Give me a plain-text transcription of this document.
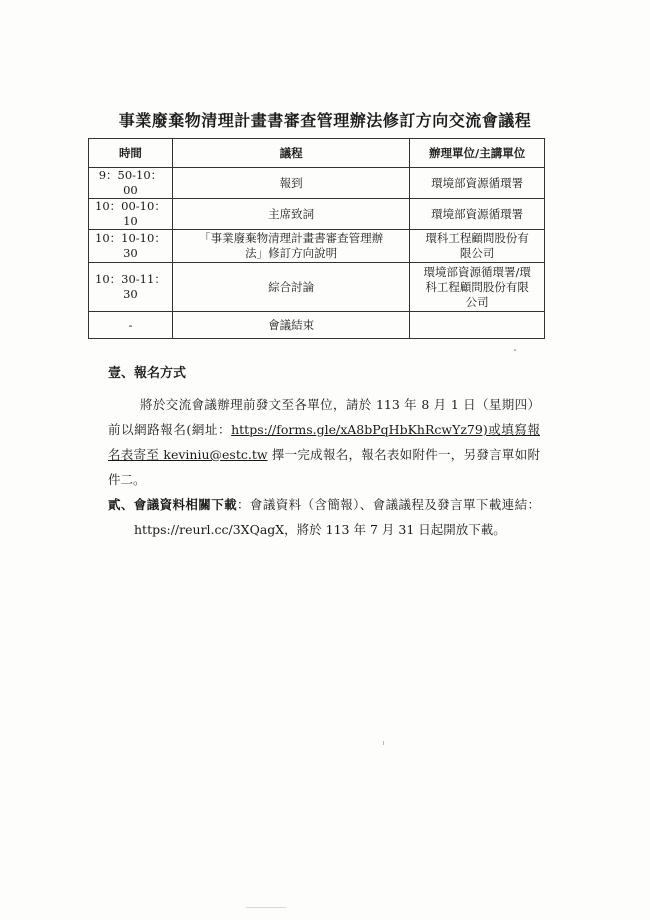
事業廢棄物清理計畫書審查管理辦法修訂方向交流會議程
時間	議程	辦理單位/主講單位
9：50-10：00	報到	環境部資源循環署
10：00-10：10	主席致詞	環境部資源循環署
10：10-10：30	「事業廢棄物清理計畫書審查管理辦法」修訂方向說明	環科工程顧問股份有限公司
10：30-11：30	綜合討論	環境部資源循環署/環科工程顧問股份有限公司
-	會議結束	
壹、報名方式
將於交流會議辦理前發文至各單位，請於 113 年 8 月 1 日（星期四）前以網路報名(網址：https://forms.gle/xA8bPqHbKhRcwYz79)或填寫報名表寄至 keviniu@estc.tw 擇一完成報名，報名表如附件一，另發言單如附件二。
貳、會議資料相關下載：會議資料（含簡報）、會議議程及發言單下載連結：https://reurl.cc/3XQagX，將於 113 年 7 月 31 日起開放下載。
